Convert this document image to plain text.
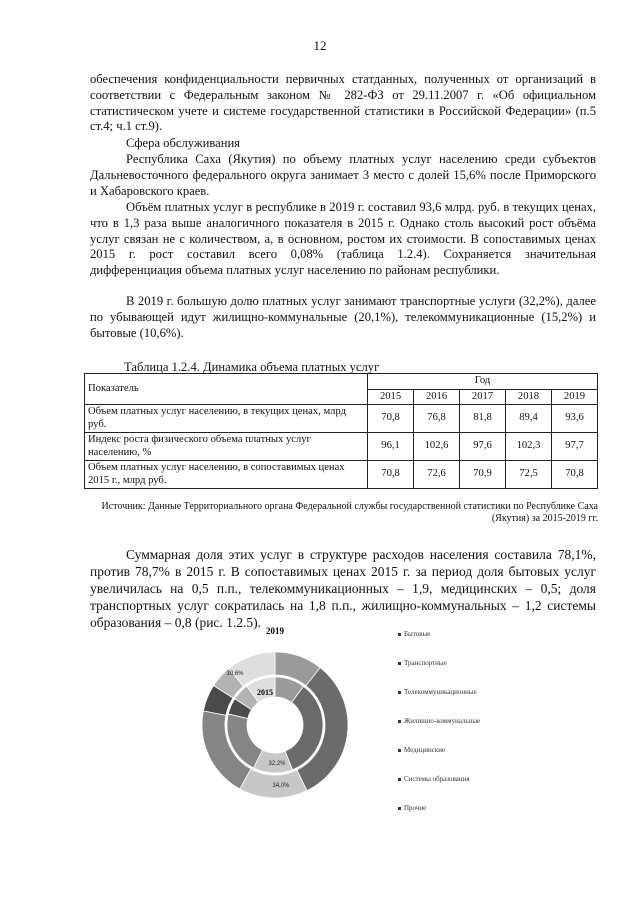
12
обеспечения конфиденциальности первичных статданных, полученных от организаций в соответствии с Федеральным законом № 282-ФЗ от 29.11.2007 г. «Об официальном статистическом учете и системе государственной статистики в Российской Федерации» (п.5 ст.4; ч.1 ст.9).
Сфера обслуживания
Республика Саха (Якутия) по объему платных услуг населению среди субъектов Дальневосточного федерального округа занимает 3 место с долей 15,6% после Приморского и Хабаровского краев.
Объём платных услуг в республике в 2019 г. составил 93,6 млрд. руб. в текущих ценах, что в 1,3 раза выше аналогичного показателя в 2015 г. Однако столь высокий рост объёма услуг связан не с количеством, а, в основном, ростом их стоимости. В сопоставимых ценах 2015 г. рост составил всего 0,08% (таблица 1.2.4). Сохраняется значительная дифференциация объема платных услуг населению по районам республики.
В 2019 г. большую долю платных услуг занимают транспортные услуги (32,2%), далее по убывающей идут жилищно-коммунальные (20,1%), телекоммуникационные (15,2%) и бытовые (10,6%).
Таблица 1.2.4. Динамика объема платных услуг
Показатель	Год				
	2015	2016	2017	2018	2019
Объем платных услуг населению, в текущих ценах, млрд руб.	70,8	76,8	81,8	89,4	93,6
Индекс роста физического объема платных услуг населению, %	96,1	102,6	97,6	102,3	97,7
Объем платных услуг населению, в сопоставимых ценах 2015 г., млрд руб.	70,8	72,6	70,9	72,5	70,8
Источник: Данные Территориального органа Федеральной службы государственной статистики по Республике Саха (Якутия) за 2015-2019 гг.
Суммарная доля этих услуг в структуре расходов населения составила 78,1%, против 78,7% в 2015 г. В сопоставимых ценах 2015 г. за период доля бытовых услуг увеличилась на 0,5 п.п., телекоммуникационных – 1,9, медицинских – 0,5; доля транспортных услуг сократилась на 1,8 п.п., жилищно-коммунальных – 1,2 системы образования – 0,8 (рис. 1.2.5).
2019
2015
32,2%
34,0%
10,6%
Бытовые
Транспортные
Телекоммуникационные
Жилищно-коммунальные
Медицинские
Системы образования
Прочие
